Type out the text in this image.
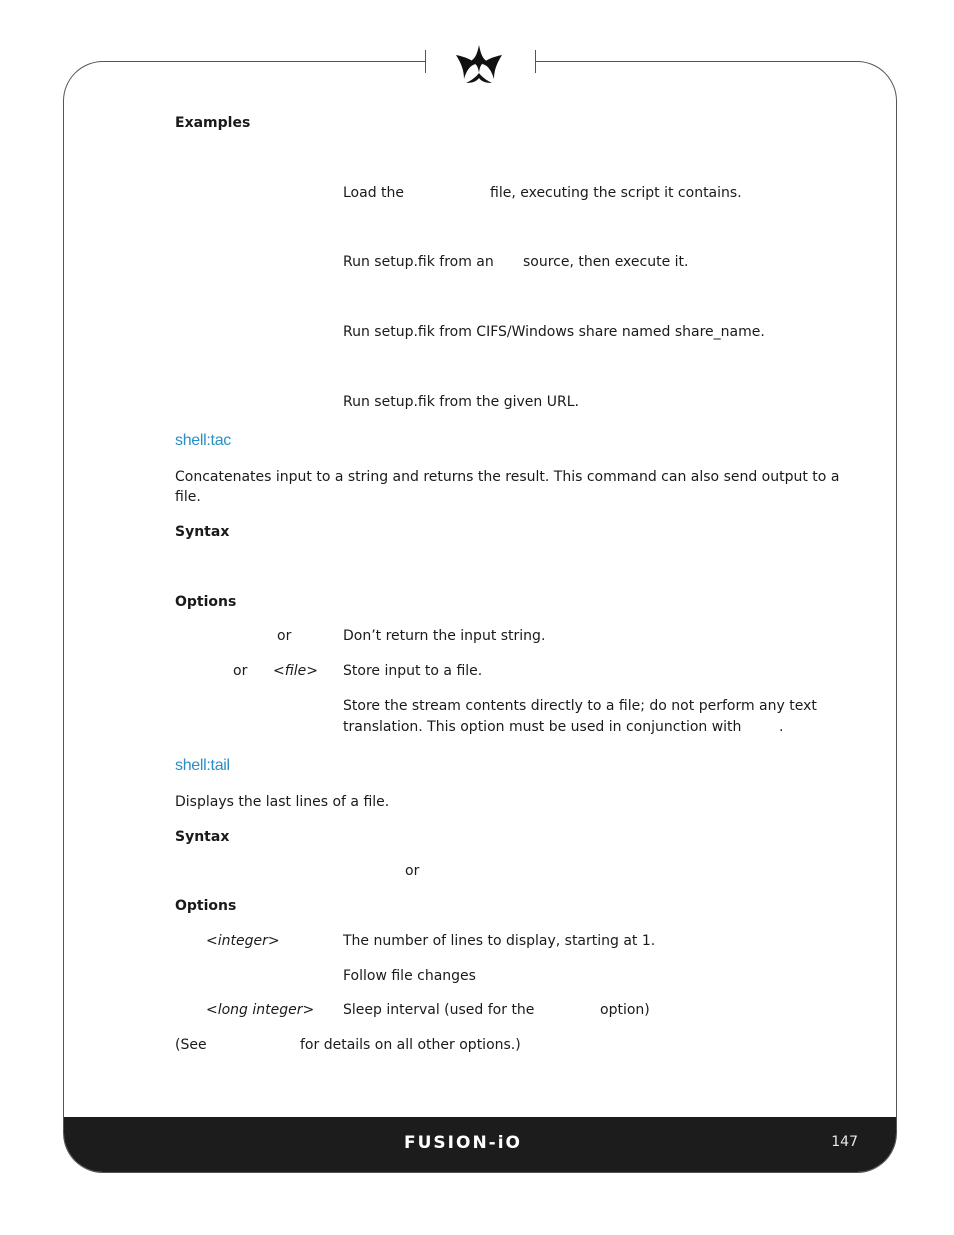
FUSION-iO	147
Examples
Load the	file, executing the script it contains.
Run setup.fik from an source, then execute it.
Run setup.fik from CIFS/Windows share named share_name.
Run setup.fik from the given URL.
shell:tac
Concatenates input to a string and returns the result. This command can also send output to a
file.
Syntax
Options
or	Don’t return the input string.
or <file> Store input to a file.
Store the stream contents directly to a file; do not perform any text
translation. This option must be used in conjunction with	.
shell:tail
Displays the last lines of a file.
Syntax
or
Options
<integer>	The number of lines to display, starting at 1.
Follow file changes
<long integer> Sleep interval (used for the	option)
(See	for details on all other options.)
